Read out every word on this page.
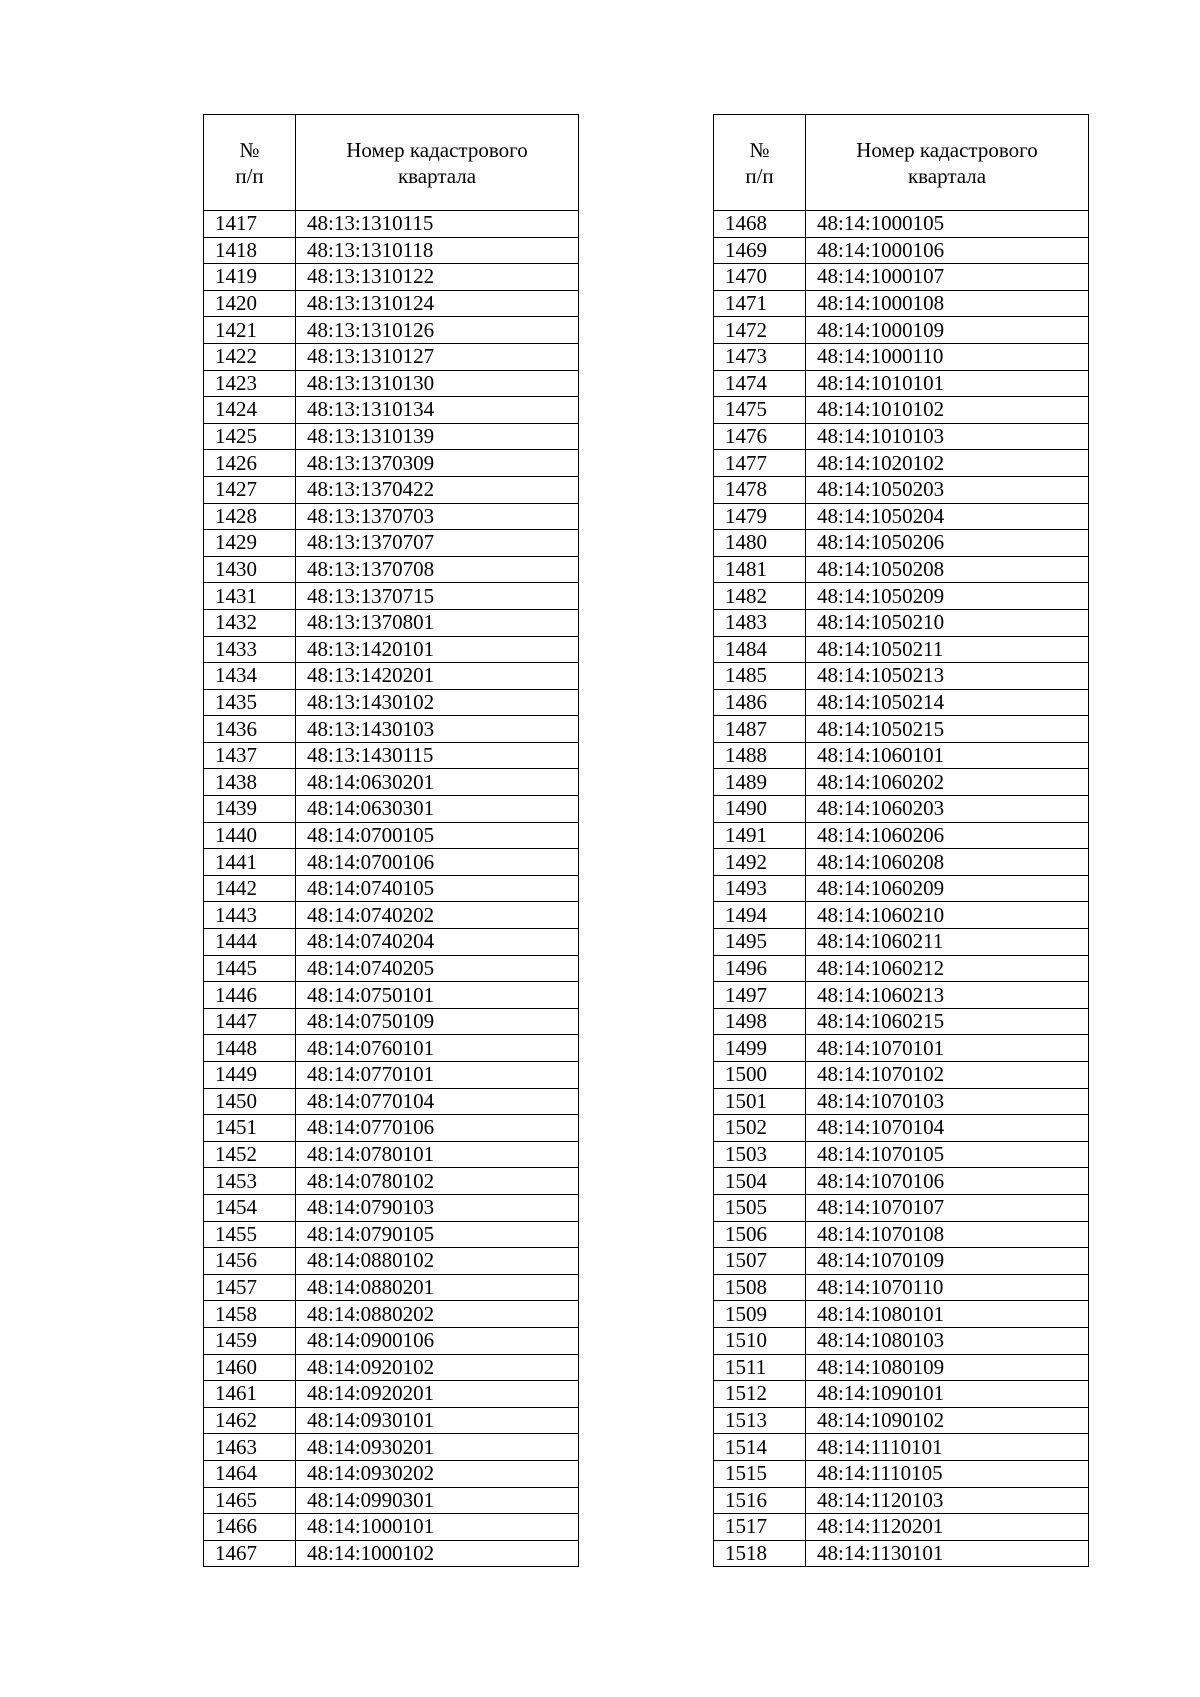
№
п/п	Номер кадастрового
квартала

1417	48:13:1310115
1418	48:13:1310118
1419	48:13:1310122
1420	48:13:1310124
1421	48:13:1310126
1422	48:13:1310127
1423	48:13:1310130
1424	48:13:1310134
1425	48:13:1310139
1426	48:13:1370309
1427	48:13:1370422
1428	48:13:1370703
1429	48:13:1370707
1430	48:13:1370708
1431	48:13:1370715
1432	48:13:1370801
1433	48:13:1420101
1434	48:13:1420201
1435	48:13:1430102
1436	48:13:1430103
1437	48:13:1430115
1438	48:14:0630201
1439	48:14:0630301
1440	48:14:0700105
1441	48:14:0700106
1442	48:14:0740105
1443	48:14:0740202
1444	48:14:0740204
1445	48:14:0740205
1446	48:14:0750101
1447	48:14:0750109
1448	48:14:0760101
1449	48:14:0770101
1450	48:14:0770104
1451	48:14:0770106
1452	48:14:0780101
1453	48:14:0780102
1454	48:14:0790103
1455	48:14:0790105
1456	48:14:0880102
1457	48:14:0880201
1458	48:14:0880202
1459	48:14:0900106
1460	48:14:0920102
1461	48:14:0920201
1462	48:14:0930101
1463	48:14:0930201
1464	48:14:0930202
1465	48:14:0990301
1466	48:14:1000101
1467	48:14:1000102
№
п/п	Номер кадастрового
квартала

1468	48:14:1000105
1469	48:14:1000106
1470	48:14:1000107
1471	48:14:1000108
1472	48:14:1000109
1473	48:14:1000110
1474	48:14:1010101
1475	48:14:1010102
1476	48:14:1010103
1477	48:14:1020102
1478	48:14:1050203
1479	48:14:1050204
1480	48:14:1050206
1481	48:14:1050208
1482	48:14:1050209
1483	48:14:1050210
1484	48:14:1050211
1485	48:14:1050213
1486	48:14:1050214
1487	48:14:1050215
1488	48:14:1060101
1489	48:14:1060202
1490	48:14:1060203
1491	48:14:1060206
1492	48:14:1060208
1493	48:14:1060209
1494	48:14:1060210
1495	48:14:1060211
1496	48:14:1060212
1497	48:14:1060213
1498	48:14:1060215
1499	48:14:1070101
1500	48:14:1070102
1501	48:14:1070103
1502	48:14:1070104
1503	48:14:1070105
1504	48:14:1070106
1505	48:14:1070107
1506	48:14:1070108
1507	48:14:1070109
1508	48:14:1070110
1509	48:14:1080101
1510	48:14:1080103
1511	48:14:1080109
1512	48:14:1090101
1513	48:14:1090102
1514	48:14:1110101
1515	48:14:1110105
1516	48:14:1120103
1517	48:14:1120201
1518	48:14:1130101
